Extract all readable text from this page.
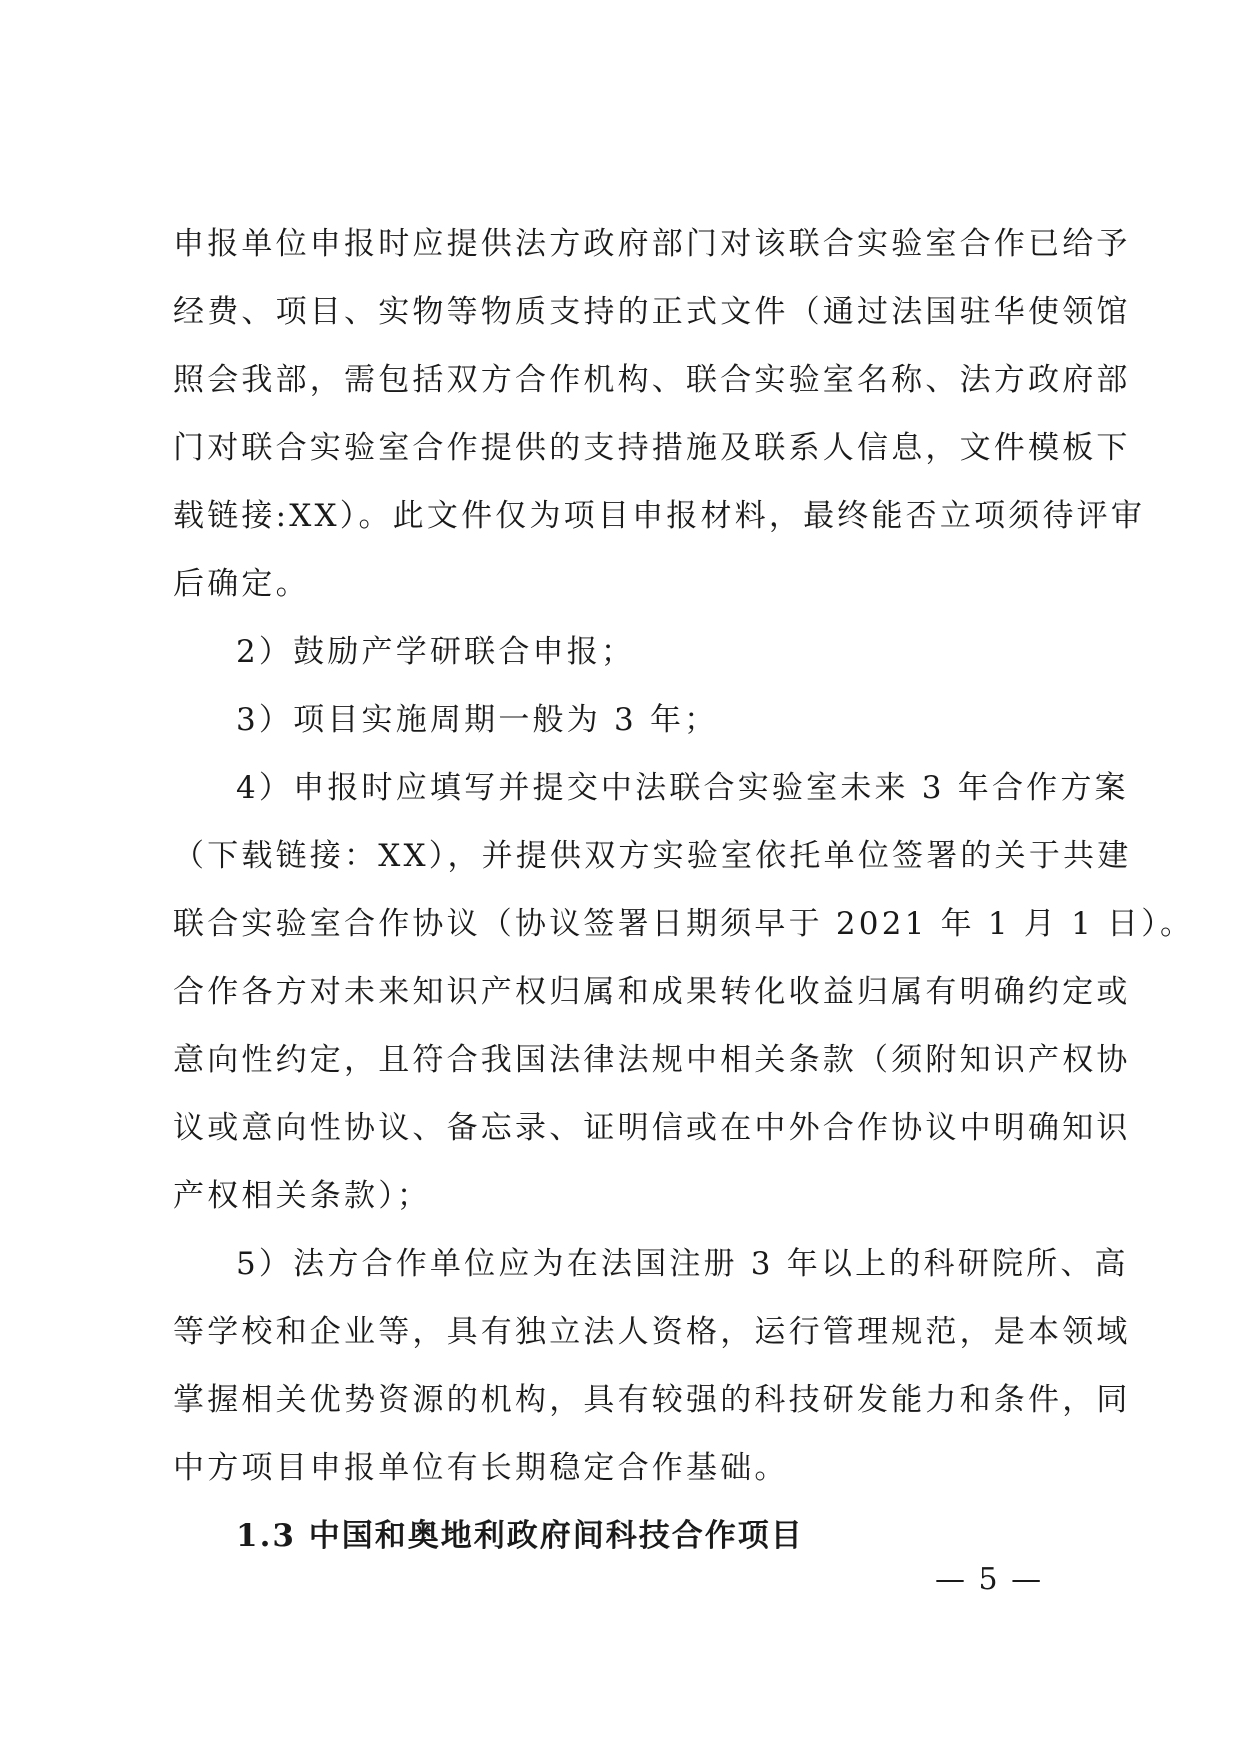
申报单位申报时应提供法方政府部门对该联合实验室合作已给予
经费、项目、实物等物质支持的正式文件（通过法国驻华使领馆
照会我部，需包括双方合作机构、联合实验室名称、法方政府部
门对联合实验室合作提供的支持措施及联系人信息，文件模板下
载链接:XX）。此文件仅为项目申报材料，最终能否立项须待评审
后确定。
2）鼓励产学研联合申报；
3）项目实施周期一般为 3 年；
4）申报时应填写并提交中法联合实验室未来 3 年合作方案
（下载链接：XX），并提供双方实验室依托单位签署的关于共建
联合实验室合作协议（协议签署日期须早于 2021 年 1 月 1 日）。
合作各方对未来知识产权归属和成果转化收益归属有明确约定或
意向性约定，且符合我国法律法规中相关条款（须附知识产权协
议或意向性协议、备忘录、证明信或在中外合作协议中明确知识
产权相关条款）；
5）法方合作单位应为在法国注册 3 年以上的科研院所、高
等学校和企业等，具有独立法人资格，运行管理规范，是本领域
掌握相关优势资源的机构，具有较强的科技研发能力和条件，同
中方项目申报单位有长期稳定合作基础。
1.3 中国和奥地利政府间科技合作项目
— 5 —
